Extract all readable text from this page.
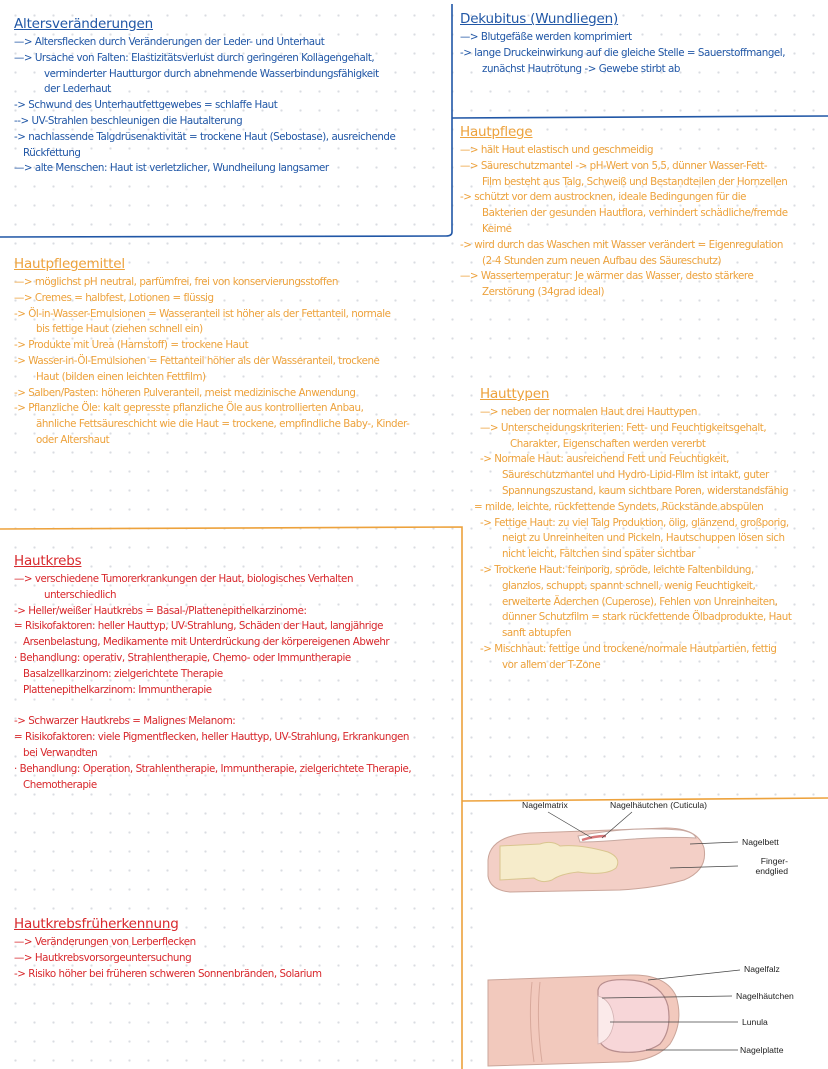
Altersveränderungen
—> Altersflecken durch Veränderungen der Leder- und Unterhaut
—> Ursache von Falten: Elastizitätsverlust durch geringeren Kollagengehalt,
verminderter Hautturgor durch abnehmende Wasserbindungsfähigkeit
der Lederhaut
-> Schwund des Unterhautfettgewebes = schlaffe Haut
--> UV-Strahlen beschleunigen die Hautalterung
-> nachlassende Talgdrüsenaktivität = trockene Haut (Sebostase), ausreichende
Rückfettung
—> alte Menschen: Haut ist verletzlicher, Wundheilung langsamer
Dekubitus (Wundliegen)
—> Blutgefäße werden komprimiert
-> lange Druckeinwirkung auf die gleiche Stelle = Sauerstoffmangel,
zunächst Hautrötung -> Gewebe stirbt ab
Hautpflege
—> hält Haut elastisch und geschmeidig
—> Säureschutzmantel -> pH-Wert von 5,5, dünner Wasser-Fett-
Film besteht aus Talg, Schweiß und Bestandteilen der Hornzellen
-> schützt vor dem austrocknen, ideale Bedingungen für die
Bakterien der gesunden Hautflora, verhindert schädliche/fremde
Keime
-> wird durch das Waschen mit Wasser verändert = Eigenregulation
(2-4 Stunden zum neuen Aufbau des Säureschutz)
—> Wassertemperatur: Je wärmer das Wasser, desto stärkere
Zerstörung (34grad ideal)
Hauttypen
—> neben der normalen Haut drei Hauttypen
—> Unterscheidungskriterien: Fett- und Feuchtigkeitsgehalt,
Charakter, Eigenschaften werden vererbt
-> Normale Haut: ausreichend Fett und Feuchtigkeit,
Säureschutzmantel und Hydro-Lipid-Film ist intakt, guter
Spannungszustand, kaum sichtbare Poren, widerstandsfähig
= milde, leichte, rückfettende Syndets, Rückstände abspülen
-> Fettige Haut: zu viel Talg Produktion, ölig, glänzend, großporig,
neigt zu Unreinheiten und Pickeln, Hautschuppen lösen sich
nicht leicht, Fältchen sind später sichtbar
-> Trockene Haut: feinporig, spröde, leichte Faltenbildung,
glanzlos, schuppt, spannt schnell, wenig Feuchtigkeit,
erweiterte Äderchen (Cuperose), Fehlen von Unreinheiten,
dünner Schutzfilm = stark rückfettende Ölbadprodukte, Haut
sanft abtupfen
-> Mischhaut: fettige und trockene/normale Hautpartien, fettig
vor allem der T-Zone
Hautpflegemittel
—> möglichst pH neutral, parfümfrei, frei von konservierungsstoffen
—> Cremes = halbfest, Lotionen = flüssig
-> Öl-in-Wasser-Emulsionen = Wasseranteil ist höher als der Fettanteil, normale
bis fettige Haut (ziehen schnell ein)
-> Produkte mit Urea (Harnstoff) = trockene Haut
-> Wasser-in-Öl-Emulsionen = Fettanteil höher als der Wasseranteil, trockene
Haut (bilden einen leichten Fettfilm)
-> Salben/Pasten: höheren Pulveranteil, meist medizinische Anwendung
-> Pflanzliche Öle: kalt gepresste pflanzliche Öle aus kontrollierten Anbau,
ähnliche Fettsäureschicht wie die Haut = trockene, empfindliche Baby-, Kinder-
oder Altershaut
Hautkrebs
—> verschiedene Tumorerkrankungen der Haut, biologisches Verhalten
unterschiedlich
-> Heller/weißer Hautkrebs = Basal-/Plattenepithelkarzinome:
= Risikofaktoren: heller Hauttyp, UV-Strahlung, Schäden der Haut, langjährige
Arsenbelastung, Medikamente mit Unterdrückung der körpereigenen Abwehr
· Behandlung: operativ, Strahlentherapie, Chemo- oder Immuntherapie
Basalzellkarzinom: zielgerichtete Therapie
Plattenepithelkarzinom: Immuntherapie
-> Schwarzer Hautkrebs = Malignes Melanom:
= Risikofaktoren: viele Pigmentflecken, heller Hauttyp, UV-Strahlung, Erkrankungen
bei Verwandten
· Behandlung: Operation, Strahlentherapie, Immuntherapie, zielgerichtete Therapie,
Chemotherapie
Hautkrebsfrüherkennung
—> Veränderungen von Lerberflecken
—> Hautkrebsvorsorgeuntersuchung
-> Risiko höher bei früheren schweren Sonnenbränden, Solarium
Nagelmatrix	Nagelhäutchen (Cuticula)
Nagelbett
Finger-
endglied
Nagelfalz
Nagelhäutchen
Lunula
Nagelplatte
